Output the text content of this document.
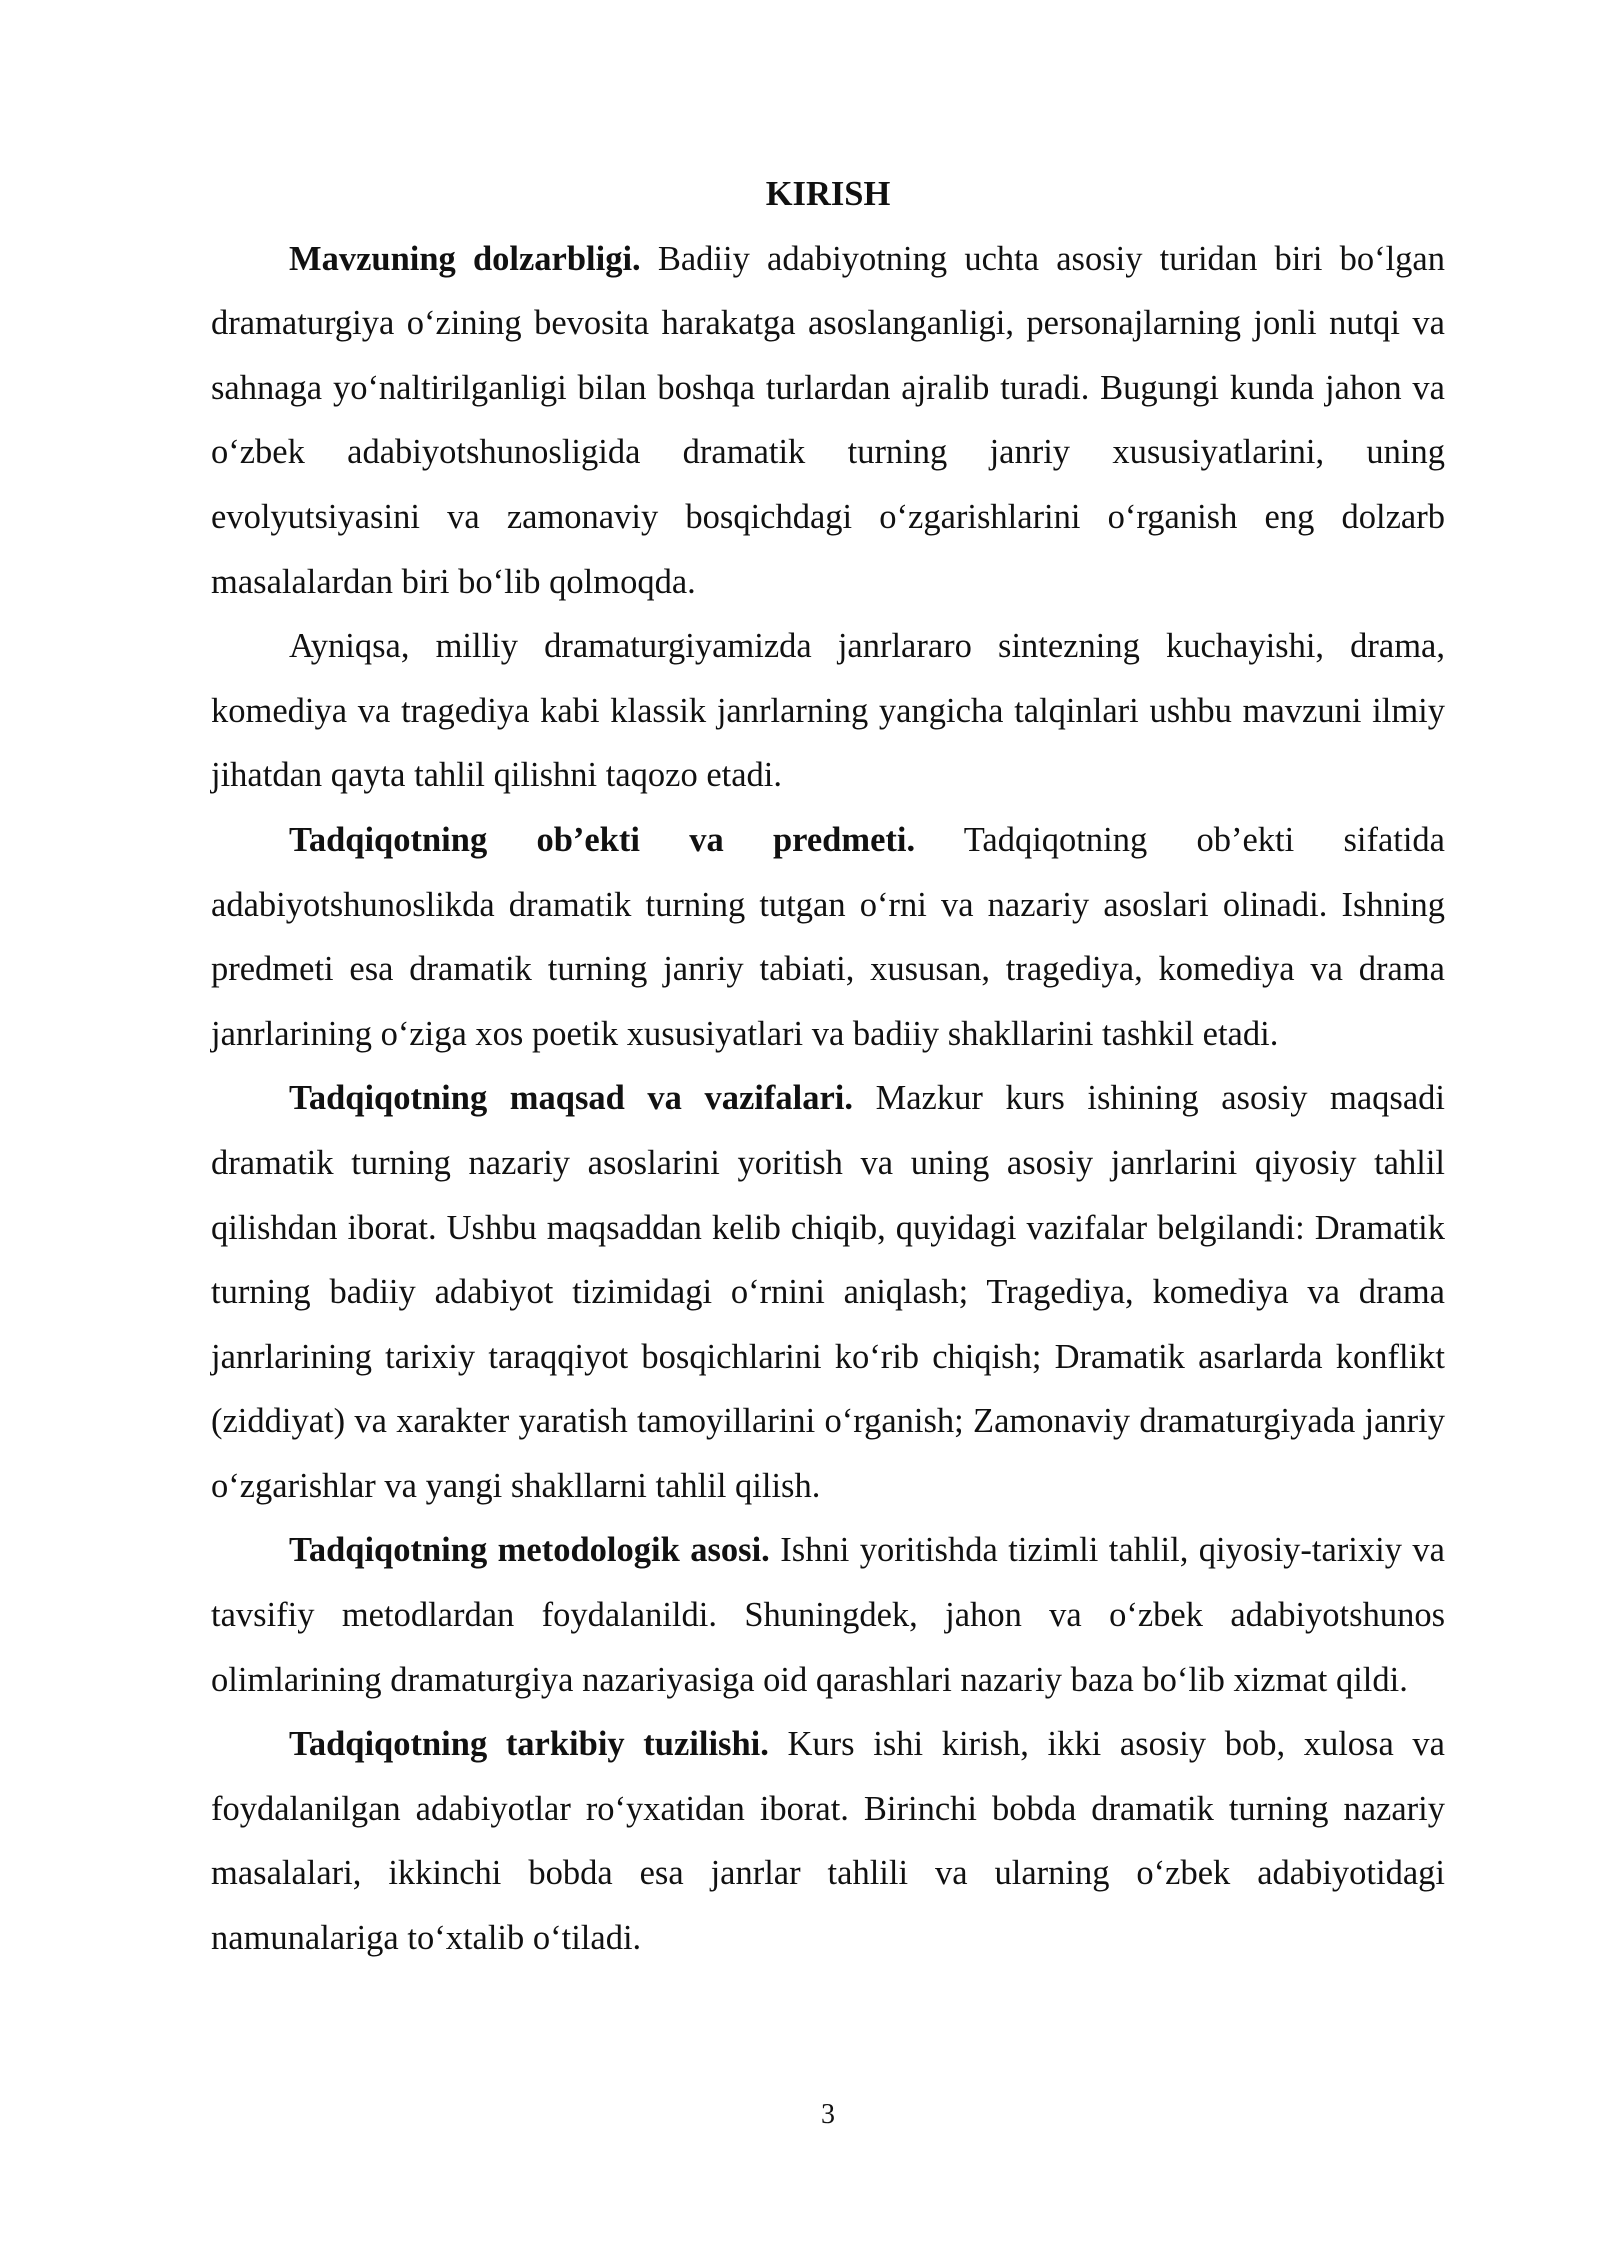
KIRISH

Mavzuning dolzarbligi. Badiiy adabiyotning uchta asosiy turidan biri bo‘lgan dramaturgiya o‘zining bevosita harakatga asoslanganligi, personajlarning jonli nutqi va sahnaga yo‘naltirilganligi bilan boshqa turlardan ajralib turadi. Bugungi kunda jahon va o‘zbek adabiyotshunosligida dramatik turning janriy xususiyatlarini, uning evolyutsiyasini va zamonaviy bosqichdagi o‘zgarishlarini o‘rganish eng dolzarb masalalardan biri bo‘lib qolmoqda.

Ayniqsa, milliy dramaturgiyamizda janrlararo sintezning kuchayishi, drama, komediya va tragediya kabi klassik janrlarning yangicha talqinlari ushbu mavzuni ilmiy jihatdan qayta tahlil qilishni taqozo etadi.

Tadqiqotning ob’ekti va predmeti. Tadqiqotning ob’ekti sifatida adabiyotshunoslikda dramatik turning tutgan o‘rni va nazariy asoslari olinadi. Ishning predmeti esa dramatik turning janriy tabiati, xususan, tragediya, komediya va drama janrlarining o‘ziga xos poetik xususiyatlari va badiiy shakllarini tashkil etadi.

Tadqiqotning maqsad va vazifalari. Mazkur kurs ishining asosiy maqsadi dramatik turning nazariy asoslarini yoritish va uning asosiy janrlarini qiyosiy tahlil qilishdan iborat. Ushbu maqsaddan kelib chiqib, quyidagi vazifalar belgilandi: Dramatik turning badiiy adabiyot tizimidagi o‘rnini aniqlash; Tragediya, komediya va drama janrlarining tarixiy taraqqiyot bosqichlarini ko‘rib chiqish; Dramatik asarlarda konflikt (ziddiyat) va xarakter yaratish tamoyillarini o‘rganish; Zamonaviy dramaturgiyada janriy o‘zgarishlar va yangi shakllarni tahlil qilish.

Tadqiqotning metodologik asosi. Ishni yoritishda tizimli tahlil, qiyosiy-tarixiy va tavsifiy metodlardan foydalanildi. Shuningdek, jahon va o‘zbek adabiyotshunos olimlarining dramaturgiya nazariyasiga oid qarashlari nazariy baza bo‘lib xizmat qildi.

Tadqiqotning tarkibiy tuzilishi. Kurs ishi kirish, ikki asosiy bob, xulosa va foydalanilgan adabiyotlar ro‘yxatidan iborat. Birinchi bobda dramatik turning nazariy masalalari, ikkinchi bobda esa janrlar tahlili va ularning o‘zbek adabiyotidagi namunalariga to‘xtalib o‘tiladi.

3
